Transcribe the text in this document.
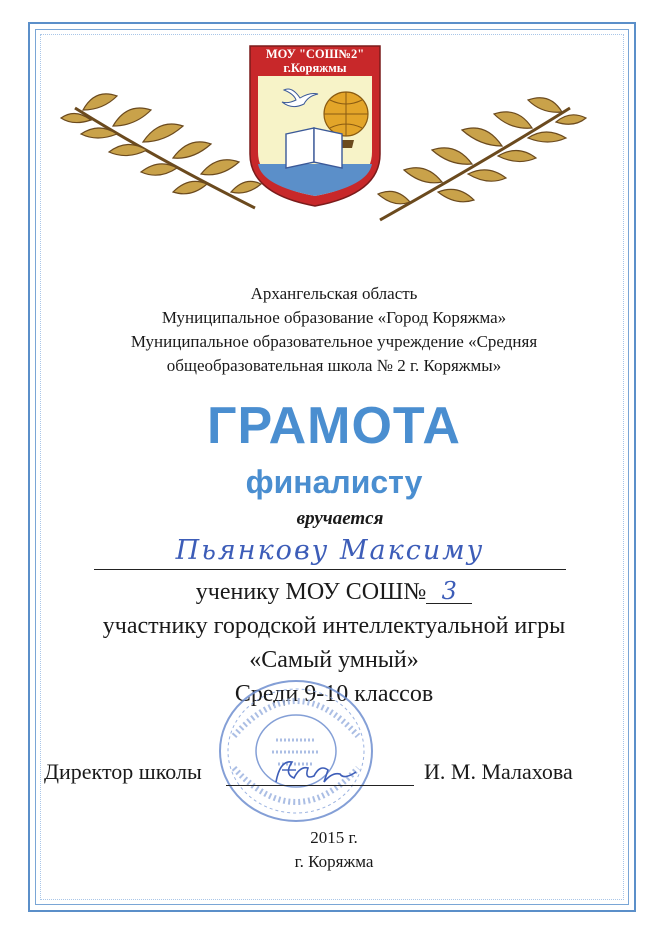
МОУ "СОШ№2"
г.Коряжмы
Архангельская область
Муниципальное образование «Город Коряжма»
Муниципальное образовательное учреждение «Средняя
общеобразовательная школа № 2 г. Коряжмы»
ГРАМОТА
финалисту
вручается
Пьянкову Максиму
ученику МОУ СОШ№ 3
участнику городской интеллектуальной игры
«Самый умный»
Среди 9-10 классов
Директор школы	И. М. Малахова
2015 г.
г. Коряжма
